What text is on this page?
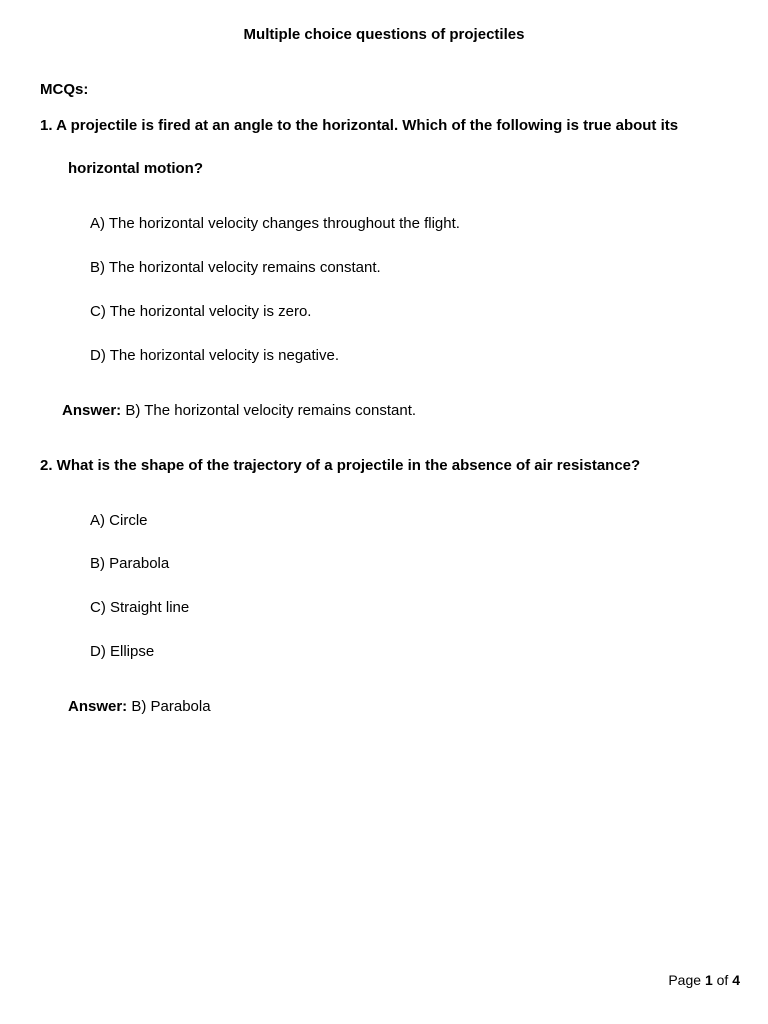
Multiple choice questions of projectiles
MCQs:
1. A projectile is fired at an angle to the horizontal. Which of the following is true about its
horizontal motion?
A) The horizontal velocity changes throughout the flight.
B) The horizontal velocity remains constant.
C) The horizontal velocity is zero.
D) The horizontal velocity is negative.
Answer: B) The horizontal velocity remains constant.
2. What is the shape of the trajectory of a projectile in the absence of air resistance?
A) Circle
B) Parabola
C) Straight line
D) Ellipse
Answer: B) Parabola
Page 1 of 4
